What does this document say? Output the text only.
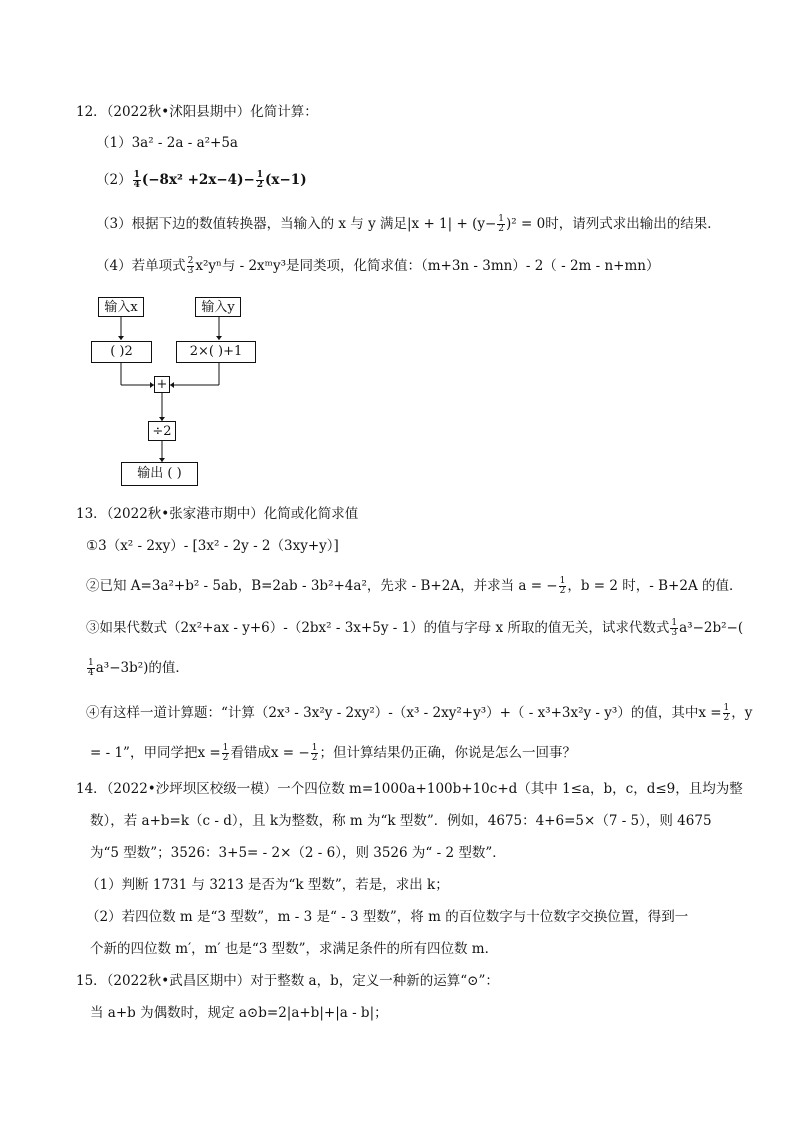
12．（2022秋•沭阳县期中）化简计算：
（1）3a² - 2a - a²+5a
$(2) \frac{1}{4} (-8x^2 +2x-4)- \frac{1}{2} (x-1)$
（3）根据下边的数值转换器，当输入的 x 与 y 满足$|x + 1| + (y- \frac{1}{2} )^2 = 0$时，请列式求出输出的结果．
（4）若单项式 $\frac{2}{3} x^2y^n$与 - 2xᵐy³是同类项，化简求值：（m+3n - 3mn）- 2（ - 2m - n+mn）
输入x	输入y
( )2	2×( )+1
+
÷2
输出 ( )
13．（2022秋•张家港市期中）化简或化简求值
①3（x² - 2xy）- [3x² - 2y - 2（3xy+y）]
②已知 A=3a²+b² - 5ab，B=2ab - 3b²+4a²，先求 - B+2A，并求当 a = − $\frac{1}{2}$ ，b = 2 时，- B+2A 的值．
③如果代数式（2x²+ax - y+6）-（2bx² - 3x+5y - 1）的值与字母 x 所取的值无关，试求代数式 $\frac{1}{3} a^3-2b^2-$(
$\frac{1}{4} a^3-3b^2$)的值．
④有这样一道计算题：“计算（2x³ - 3x²y - 2xy²）-（x³ - 2xy²+y³）+（ - x³+3x²y - y³）的值，其中$x = \frac{1}{2}$ ，y
= - 1”，甲同学把$x = \frac{1}{2}$ 看错成x = − $\frac{1}{2}$ ；但计算结果仍正确，你说是怎么一回事？
14．（2022•沙坪坝区校级一模）一个四位数 m=1000a+100b+10c+d（其中 1≤a，b，c，d≤9，且均为整
数），若 a+b=k（c - d），且 k为整数，称 m 为“k 型数”．例如，4675：4+6=5×（7 - 5），则 4675
为“5 型数”；3526：3+5= - 2×（2 - 6），则 3526 为“ - 2 型数”．
（1）判断 1731 与 3213 是否为“k 型数”，若是，求出 k；
（2）若四位数 m 是“3 型数”，m - 3 是“ - 3 型数”，将 m 的百位数字与十位数字交换位置，得到一
个新的四位数 m′，m′ 也是“3 型数”，求满足条件的所有四位数 m．
15．（2022秋•武昌区期中）对于整数 a，b，定义一种新的运算“⊙”：
当 a+b 为偶数时，规定 a⊙b=2|a+b|+|a - b|；
